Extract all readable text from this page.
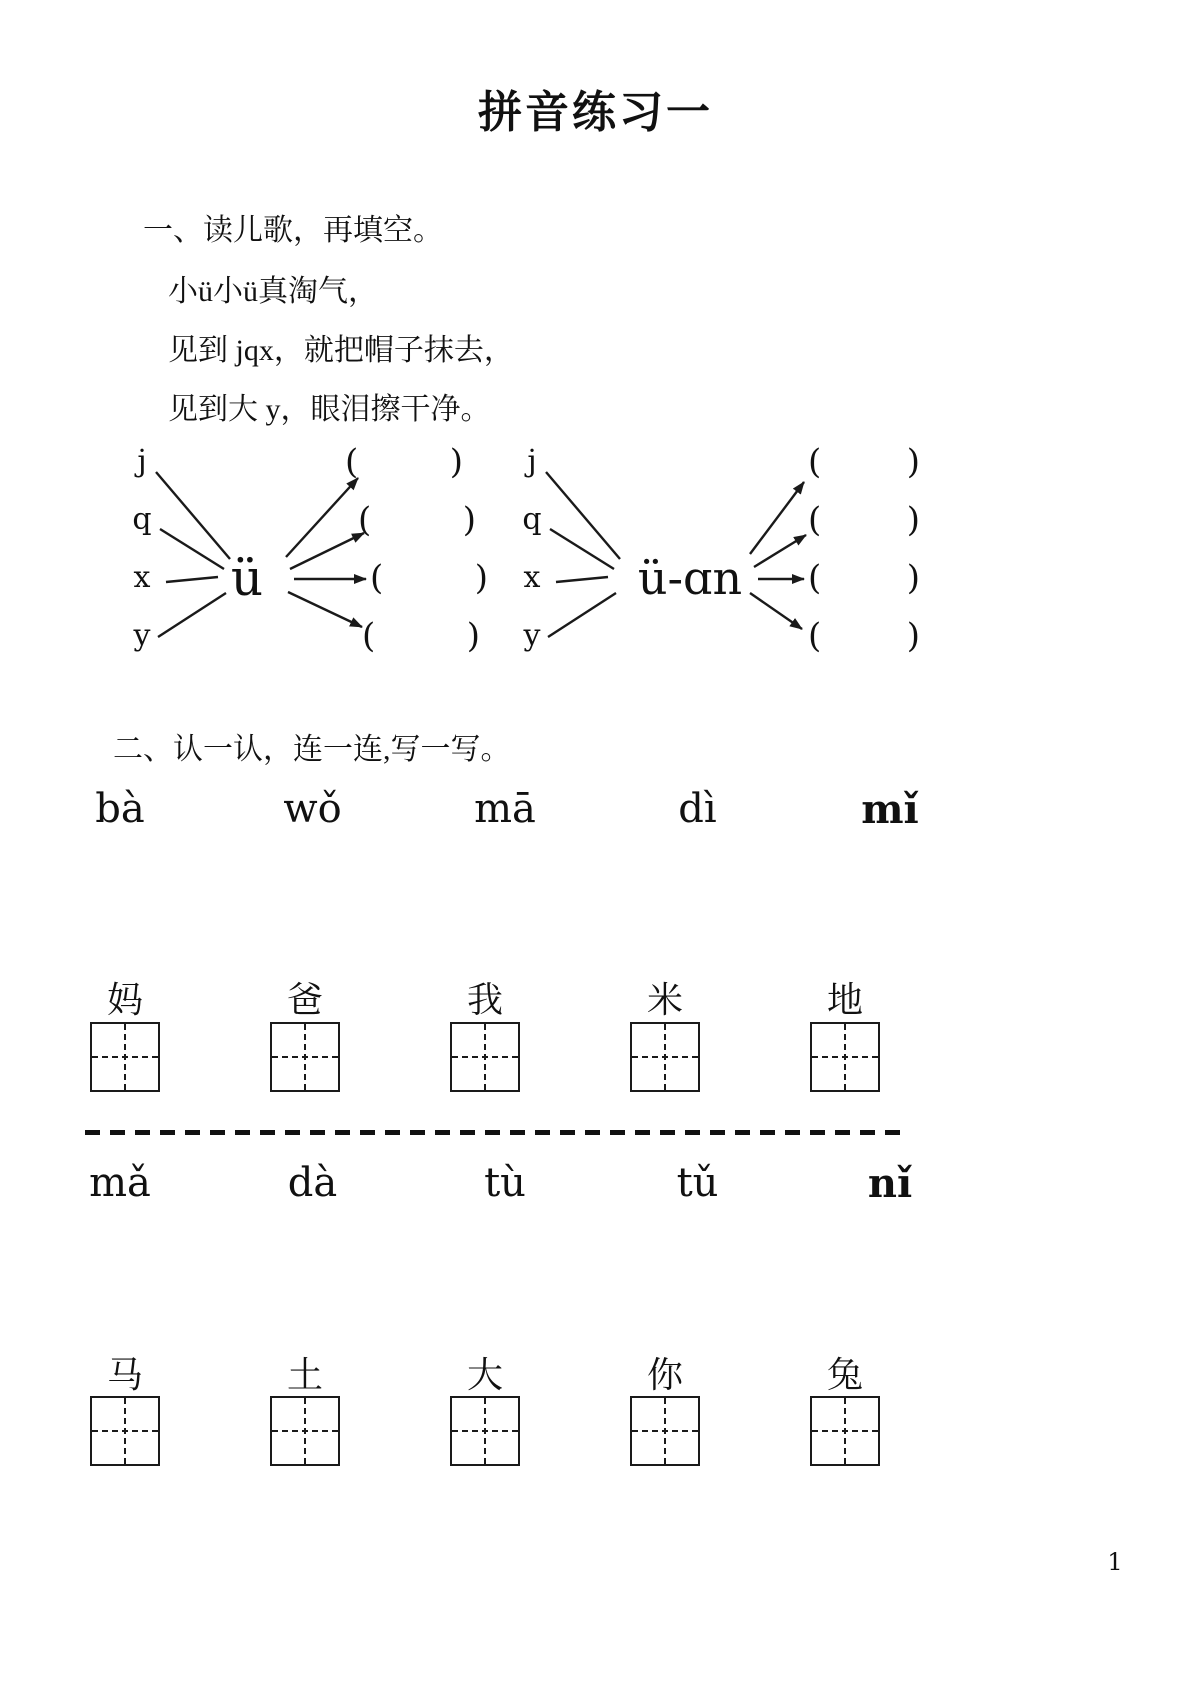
拼音练习一
一、读儿歌，再填空。
小ü小ü真淘气，
见到 jqx，就把帽子抹去，
见到大 y，眼泪擦干净。
j
q
x
y
ü
(	)
(	)
(	)
(	)
j
q
x
y
ü-ɑn
(	)
(	)
(	)
(	)
二、认一认，连一连,写一写。
bà	wǒ	mā	dì	mǐ
妈	爸	我	米	地
mǎ	dà	tù	tǔ	nǐ
马	土	大	你	兔
1
